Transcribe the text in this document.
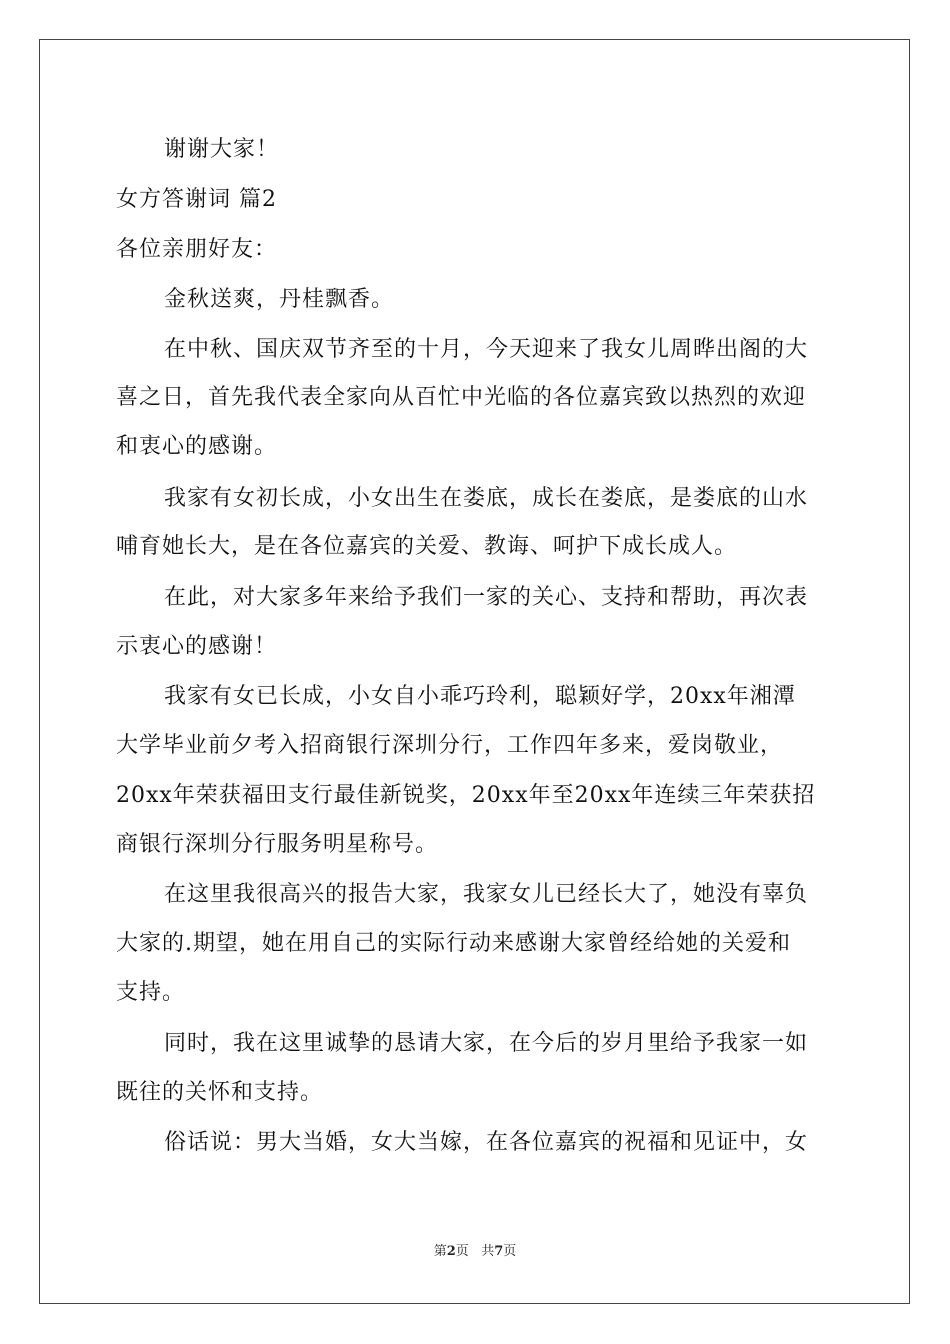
谢谢大家！
女方答谢词 篇2
各位亲朋好友：
金秋送爽，丹桂飘香。
在中秋、国庆双节齐至的十月，今天迎来了我女儿周晔出阁的大
喜之日，首先我代表全家向从百忙中光临的各位嘉宾致以热烈的欢迎
和衷心的感谢。
我家有女初长成，小女出生在娄底，成长在娄底，是娄底的山水
哺育她长大，是在各位嘉宾的关爱、教诲、呵护下成长成人。
在此，对大家多年来给予我们一家的关心、支持和帮助，再次表
示衷心的感谢！
我家有女已长成，小女自小乖巧玲利，聪颖好学，20xx年湘潭
大学毕业前夕考入招商银行深圳分行，工作四年多来，爱岗敬业，
20xx年荣获福田支行最佳新锐奖，20xx年至20xx年连续三年荣获招
商银行深圳分行服务明星称号。
在这里我很高兴的报告大家，我家女儿已经长大了，她没有辜负
大家的.期望，她在用自己的实际行动来感谢大家曾经给她的关爱和
支持。
同时，我在这里诚挚的恳请大家，在今后的岁月里给予我家一如
既往的关怀和支持。
俗话说：男大当婚，女大当嫁，在各位嘉宾的祝福和见证中，女
第2页 共7页
